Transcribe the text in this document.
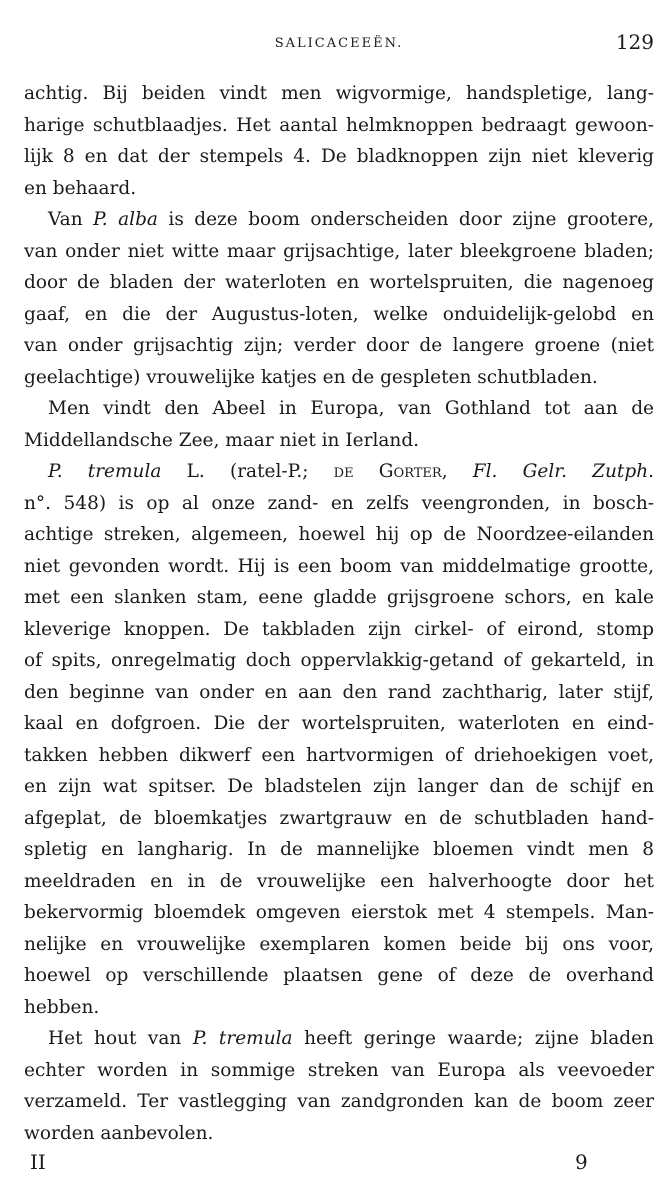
SALICACEEËN.	129
achtig. Bij beiden vindt men wigvormige, handspletige, lang-
harige schutblaadjes. Het aantal helmknoppen bedraagt gewoon-
lijk 8 en dat der stempels 4. De bladknoppen zijn niet kleverig
en behaard.
Van P. alba is deze boom onderscheiden door zijne grootere,
van onder niet witte maar grijsachtige, later bleekgroene bladen;
door de bladen der waterloten en wortelspruiten, die nagenoeg
gaaf, en die der Augustus-loten, welke onduidelijk-gelobd en
van onder grijsachtig zijn; verder door de langere groene (niet
geelachtige) vrouwelijke katjes en de gespleten schutbladen.
Men vindt den Abeel in Europa, van Gothland tot aan de
Middellandsche Zee, maar niet in Ierland.
P. tremula L. (ratel-P.; de Gorter, Fl. Gelr. Zutph.
n°. 548) is op al onze zand- en zelfs veengronden, in bosch-
achtige streken, algemeen, hoewel hij op de Noordzee-eilanden
niet gevonden wordt. Hij is een boom van middelmatige grootte,
met een slanken stam, eene gladde grijsgroene schors, en kale
kleverige knoppen. De takbladen zijn cirkel- of eirond, stomp
of spits, onregelmatig doch oppervlakkig-getand of gekarteld, in
den beginne van onder en aan den rand zachtharig, later stijf,
kaal en dofgroen. Die der wortelspruiten, waterloten en eind-
takken hebben dikwerf een hartvormigen of driehoekigen voet,
en zijn wat spitser. De bladstelen zijn langer dan de schijf en
afgeplat, de bloemkatjes zwartgrauw en de schutbladen hand-
spletig en langharig. In de mannelijke bloemen vindt men 8
meeldraden en in de vrouwelijke een halverhoogte door het
bekervormig bloemdek omgeven eierstok met 4 stempels. Man-
nelijke en vrouwelijke exemplaren komen beide bij ons voor,
hoewel op verschillende plaatsen gene of deze de overhand
hebben.
Het hout van P. tremula heeft geringe waarde; zijne bladen
echter worden in sommige streken van Europa als veevoeder
verzameld. Ter vastlegging van zandgronden kan de boom zeer
worden aanbevolen.
II	9
